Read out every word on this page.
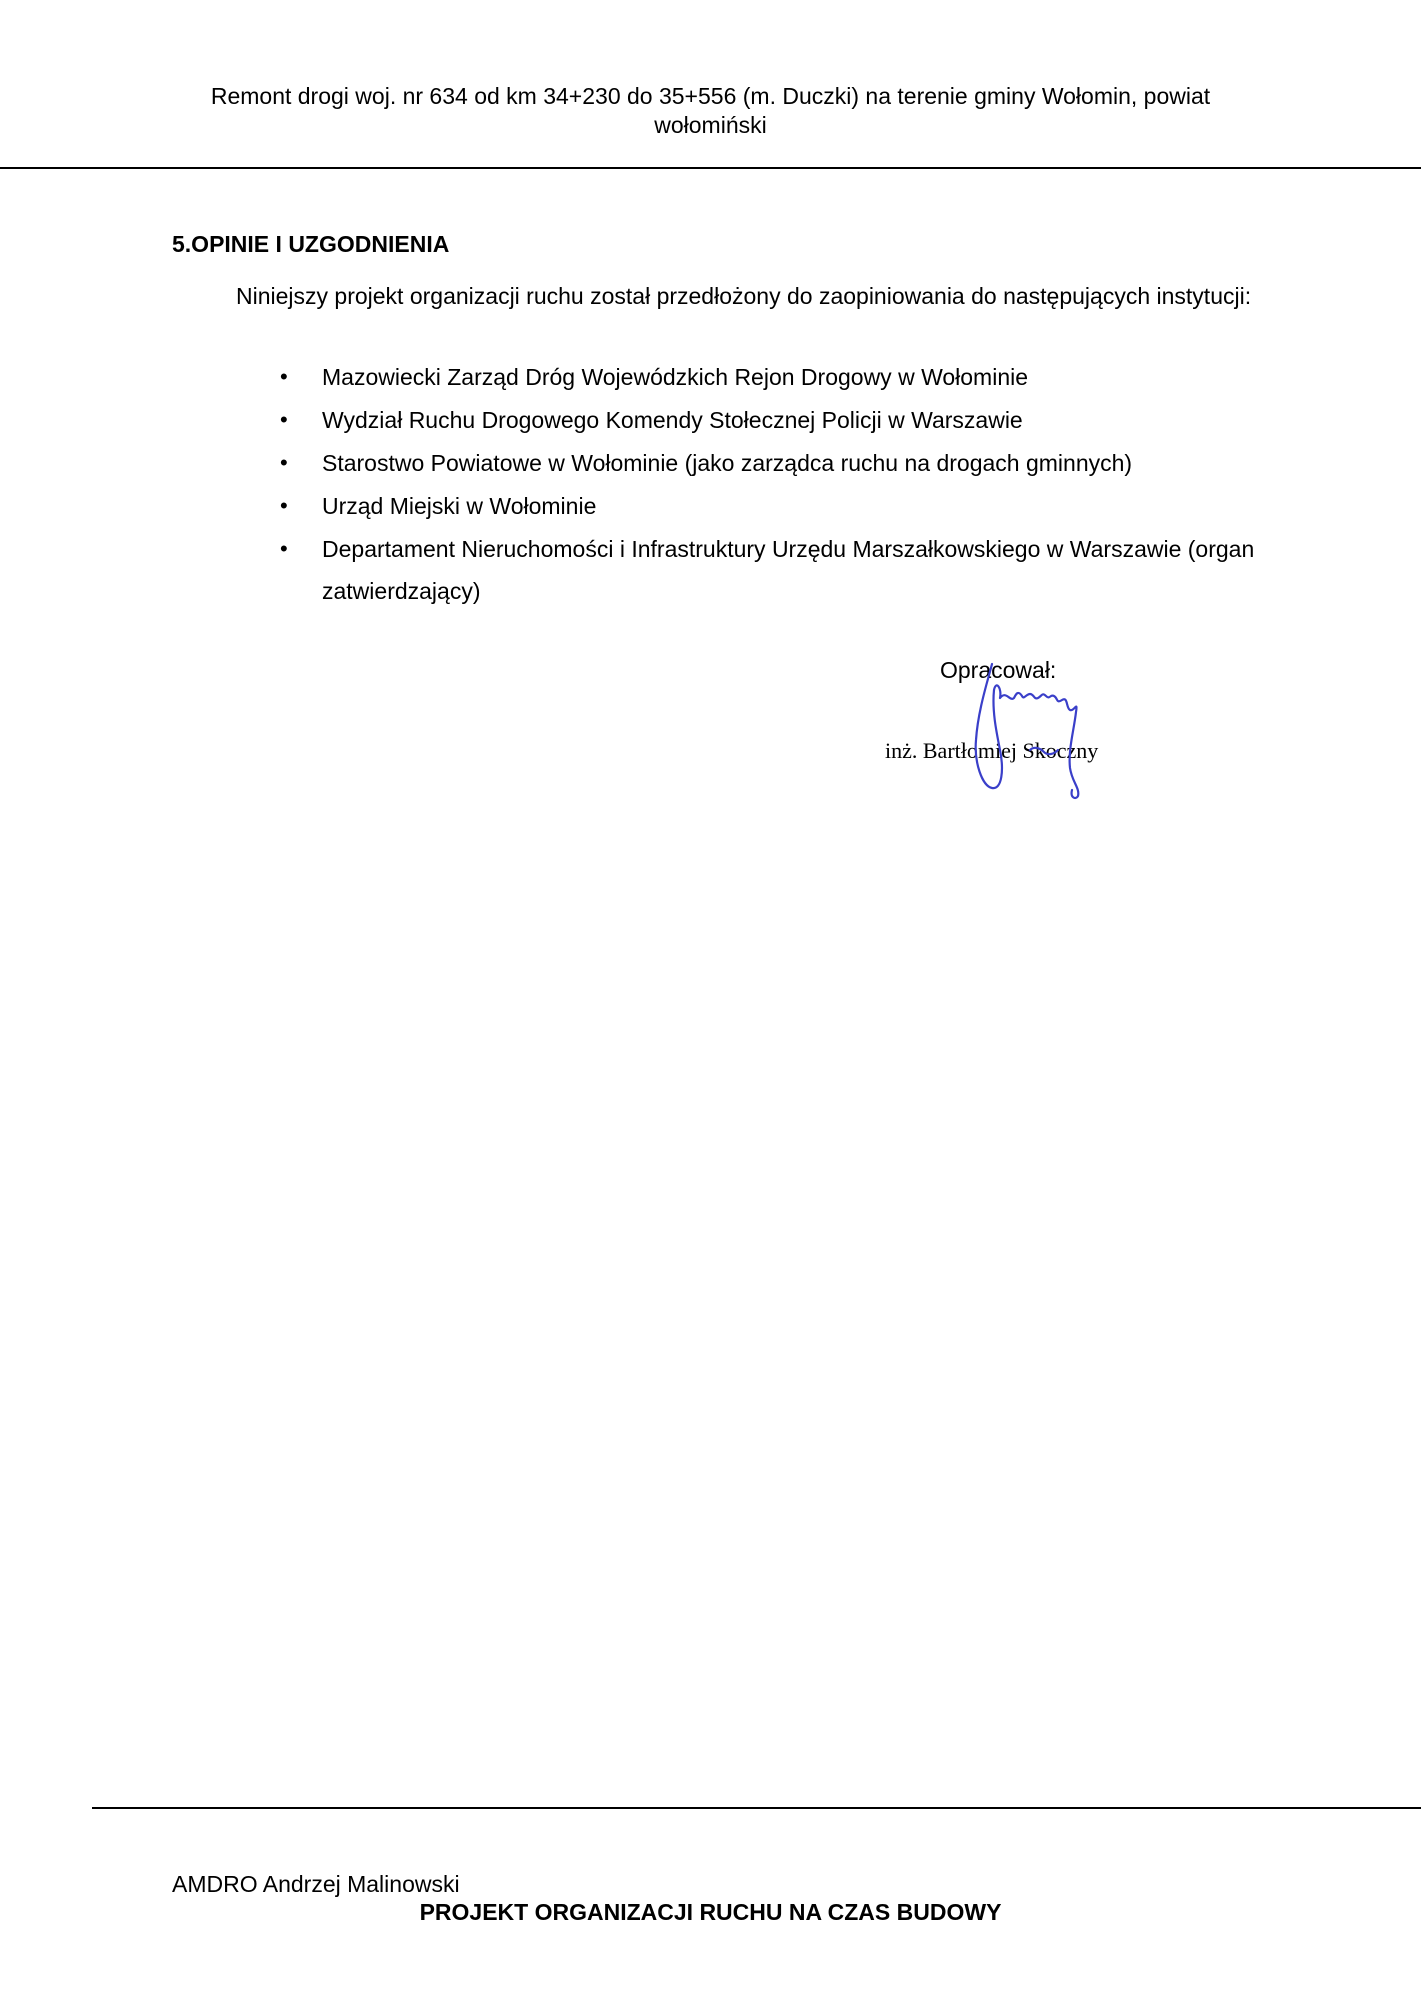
Remont drogi woj. nr 634 od km 34+230 do 35+556 (m. Duczki) na terenie gminy Wołomin, powiat
wołomiński
5.OPINIE I UZGODNIENIA
Niniejszy projekt organizacji ruchu został przedłożony do zaopiniowania do następujących instytucji:
• Mazowiecki Zarząd Dróg Wojewódzkich Rejon Drogowy w Wołominie
• Wydział Ruchu Drogowego Komendy Stołecznej Policji w Warszawie
• Starostwo Powiatowe w Wołominie (jako zarządca ruchu na drogach gminnych)
• Urząd Miejski w Wołominie
• Departament Nieruchomości i Infrastruktury Urzędu Marszałkowskiego w Warszawie (organ zatwierdzający)
Opracował:
inż. Bartłomiej Skoczny
AMDRO Andrzej Malinowski
PROJEKT ORGANIZACJI RUCHU NA CZAS BUDOWY
